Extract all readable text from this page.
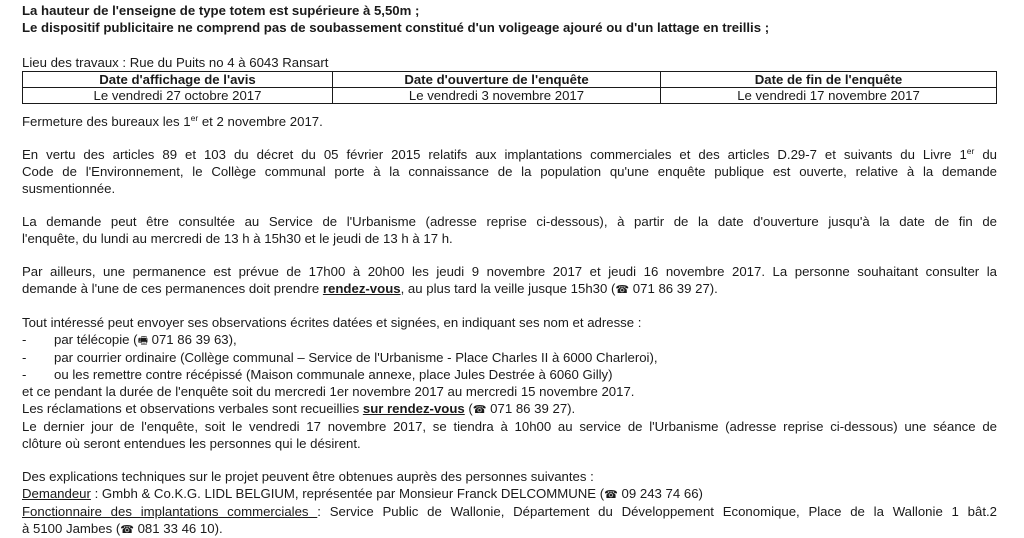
La hauteur de l'enseigne de type totem est supérieure à 5,50m ;

Le dispositif publicitaire ne comprend pas de soubassement constitué d'un voligeage ajouré ou d'un lattage en treillis ;

Lieu des travaux : Rue du Puits no 4 à 6043 Ransart

Date d'affichage de l'avis	Date d'ouverture de l'enquête	Date de fin de l'enquête
Le vendredi 27 octobre 2017	Le vendredi 3 novembre 2017	Le vendredi 17 novembre 2017

Fermeture des bureaux les 1er et 2 novembre 2017.

En vertu des articles 89 et 103 du décret du 05 février 2015 relatifs aux implantations commerciales et des articles D.29-7 et suivants du Livre 1er du

Code de l'Environnement, le Collège communal porte à la connaissance de la population qu'une enquête publique est ouverte, relative à la demande

susmentionnée.

La demande peut être consultée au Service de l'Urbanisme (adresse reprise ci-dessous), à partir de la date d'ouverture jusqu'à la date de fin de

l'enquête, du lundi au mercredi de 13 h à 15h30 et le jeudi de 13 h à 17 h.

Par ailleurs, une permanence est prévue de 17h00 à 20h00 les jeudi 9 novembre 2017 et jeudi 16 novembre 2017. La personne souhaitant consulter la

demande à l'une de ces permanences doit prendre rendez-vous, au plus tard la veille jusque 15h30 (☎ 071 86 39 27).

Tout intéressé peut envoyer ses observations écrites datées et signées, en indiquant ses nom et adresse :

-	par télécopie (🖷 071 86 39 63),
-	par courrier ordinaire (Collège communal – Service de l'Urbanisme - Place Charles II à 6000 Charleroi),
-	ou les remettre contre récépissé (Maison communale annexe, place Jules Destrée à 6060 Gilly)

et ce pendant la durée de l'enquête soit du mercredi 1er novembre 2017 au mercredi 15 novembre 2017.

Les réclamations et observations verbales sont recueillies sur rendez-vous (☎ 071 86 39 27).

Le dernier jour de l'enquête, soit le vendredi 17 novembre 2017, se tiendra à 10h00 au service de l'Urbanisme (adresse reprise ci-dessous) une séance de

clôture où seront entendues les personnes qui le désirent.

Des explications techniques sur le projet peuvent être obtenues auprès des personnes suivantes :

Demandeur : Gmbh & Co.K.G. LIDL BELGIUM, représentée par Monsieur Franck DELCOMMUNE (☎ 09 243 74 66)

Fonctionnaire des implantations commerciales : Service Public de Wallonie, Département du Développement Economique, Place de la Wallonie 1 bât.2

à 5100 Jambes (☎ 081 33 46 10).
